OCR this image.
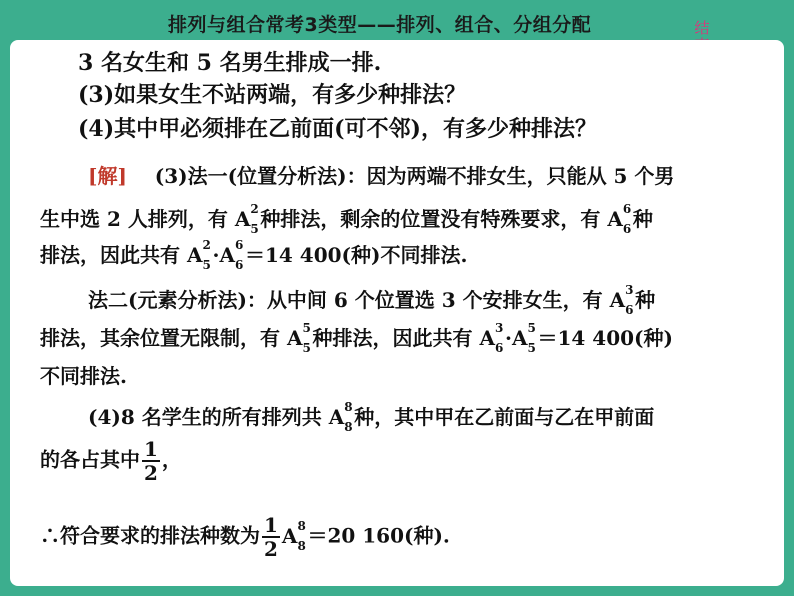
排列与组合常考3类型——排列、组合、分组分配	结
3 名女生和 5 名男生排成一排.
(3)如果女生不站两端，有多少种排法？
(4)其中甲必须排在乙前面(可不邻)，有多少种排法？
[解] (3)法一(位置分析法)：因为两端不排女生，只能从 5 个男
生中选 2 人排列，有 A 2
5 种排法，剩余的位置没有特殊要求，有 A 6
6 种
排法，因此共有 A 2
5 ·A 6
6 ＝14 400(种)不同排法.
法二(元素分析法)：从中间 6 个位置选 3 个安排女生，有 A 3
6 种
排法，其余位置无限制，有 A 5
5 种排法，因此共有 A 3
6 ·A 5
5 ＝14 400(种)
不同排法.
(4)8 名学生的所有排列共 A 8
8 种，其中甲在乙前面与乙在甲前面
的各占其中 $\frac{1}{2}$ ，
∴符合要求的排法种数为 $\frac{1}{2}$ A 8
8 ＝20 160(种).
